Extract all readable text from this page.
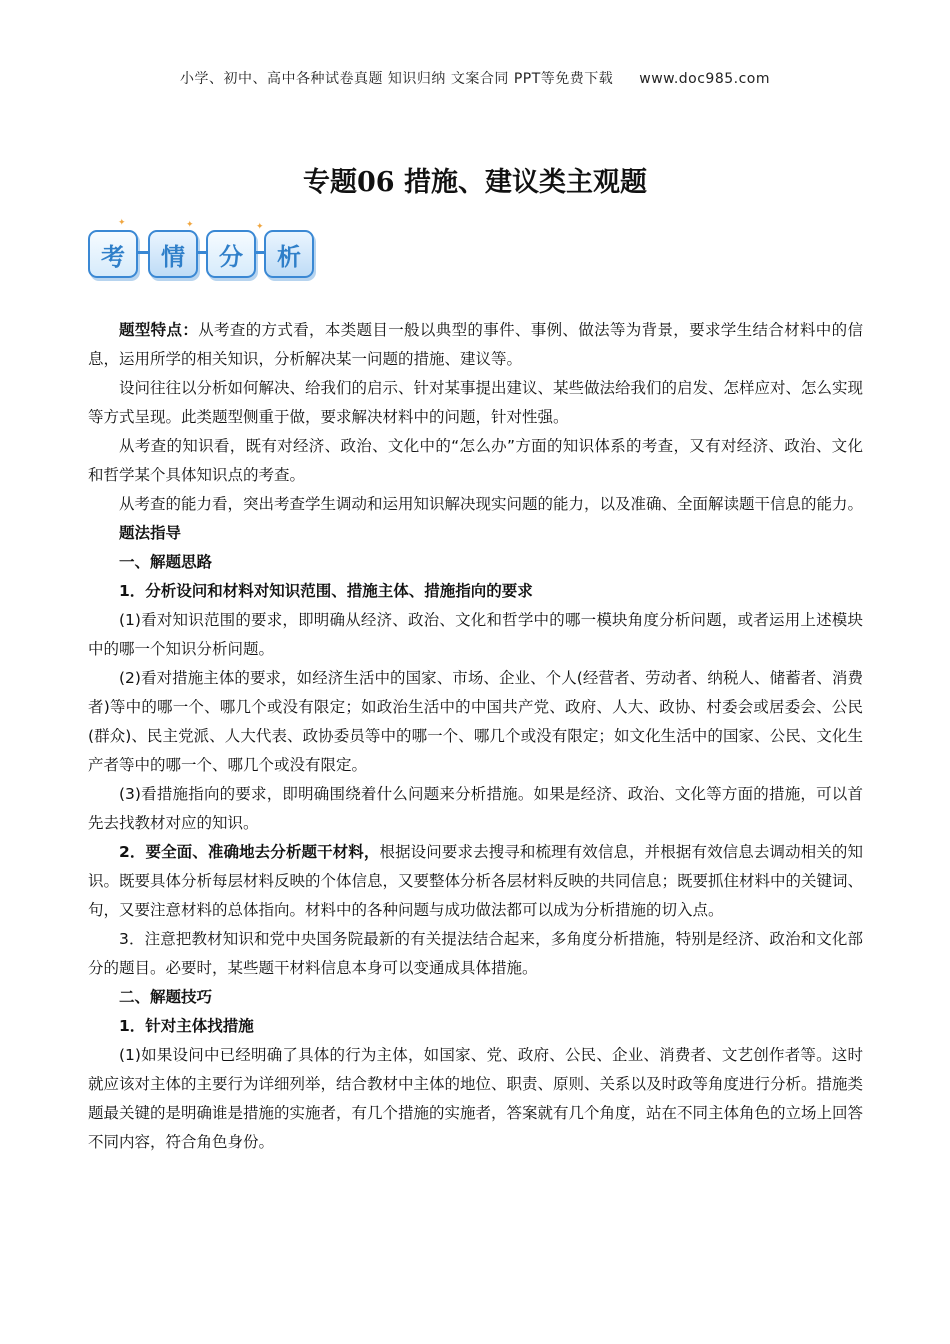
小学、初中、高中各种试卷真题 知识归纳 文案合同 PPT等免费下载 www.doc985.com
专题06 措施、建议类主观题
✦	✦	✦
考	情	分	析

题型特点：从考查的方式看，本类题目一般以典型的事件、事例、做法等为背景，要求学生结合材料中的信息，运用所学的相关知识，分析解决某一问题的措施、建议等。

设问往往以分析如何解决、给我们的启示、针对某事提出建议、某些做法给我们的启发、怎样应对、怎么实现等方式呈现。此类题型侧重于做，要求解决材料中的问题，针对性强。

从考查的知识看，既有对经济、政治、文化中的“怎么办”方面的知识体系的考查，又有对经济、政治、文化和哲学某个具体知识点的考查。

从考查的能力看，突出考查学生调动和运用知识解决现实问题的能力，以及准确、全面解读题干信息的能力。

题法指导

一、解题思路

1．分析设问和材料对知识范围、措施主体、措施指向的要求

(1)看对知识范围的要求，即明确从经济、政治、文化和哲学中的哪一模块角度分析问题，或者运用上述模块中的哪一个知识分析问题。

(2)看对措施主体的要求，如经济生活中的国家、市场、企业、个人(经营者、劳动者、纳税人、储蓄者、消费者)等中的哪一个、哪几个或没有限定；如政治生活中的中国共产党、政府、人大、政协、村委会或居委会、公民(群众)、民主党派、人大代表、政协委员等中的哪一个、哪几个或没有限定；如文化生活中的国家、公民、文化生产者等中的哪一个、哪几个或没有限定。

(3)看措施指向的要求，即明确围绕着什么问题来分析措施。如果是经济、政治、文化等方面的措施，可以首先去找教材对应的知识。

2．要全面、准确地去分析题干材料，根据设问要求去搜寻和梳理有效信息，并根据有效信息去调动相关的知识。既要具体分析每层材料反映的个体信息，又要整体分析各层材料反映的共同信息；既要抓住材料中的关键词、句，又要注意材料的总体指向。材料中的各种问题与成功做法都可以成为分析措施的切入点。

3．注意把教材知识和党中央国务院最新的有关提法结合起来，多角度分析措施，特别是经济、政治和文化部分的题目。必要时，某些题干材料信息本身可以变通成具体措施。

二、解题技巧

1．针对主体找措施

(1)如果设问中已经明确了具体的行为主体，如国家、党、政府、公民、企业、消费者、文艺创作者等。这时就应该对主体的主要行为详细列举，结合教材中主体的地位、职责、原则、关系以及时政等角度进行分析。措施类题最关键的是明确谁是措施的实施者，有几个措施的实施者，答案就有几个角度，站在不同主体角色的立场上回答不同内容，符合角色身份。
